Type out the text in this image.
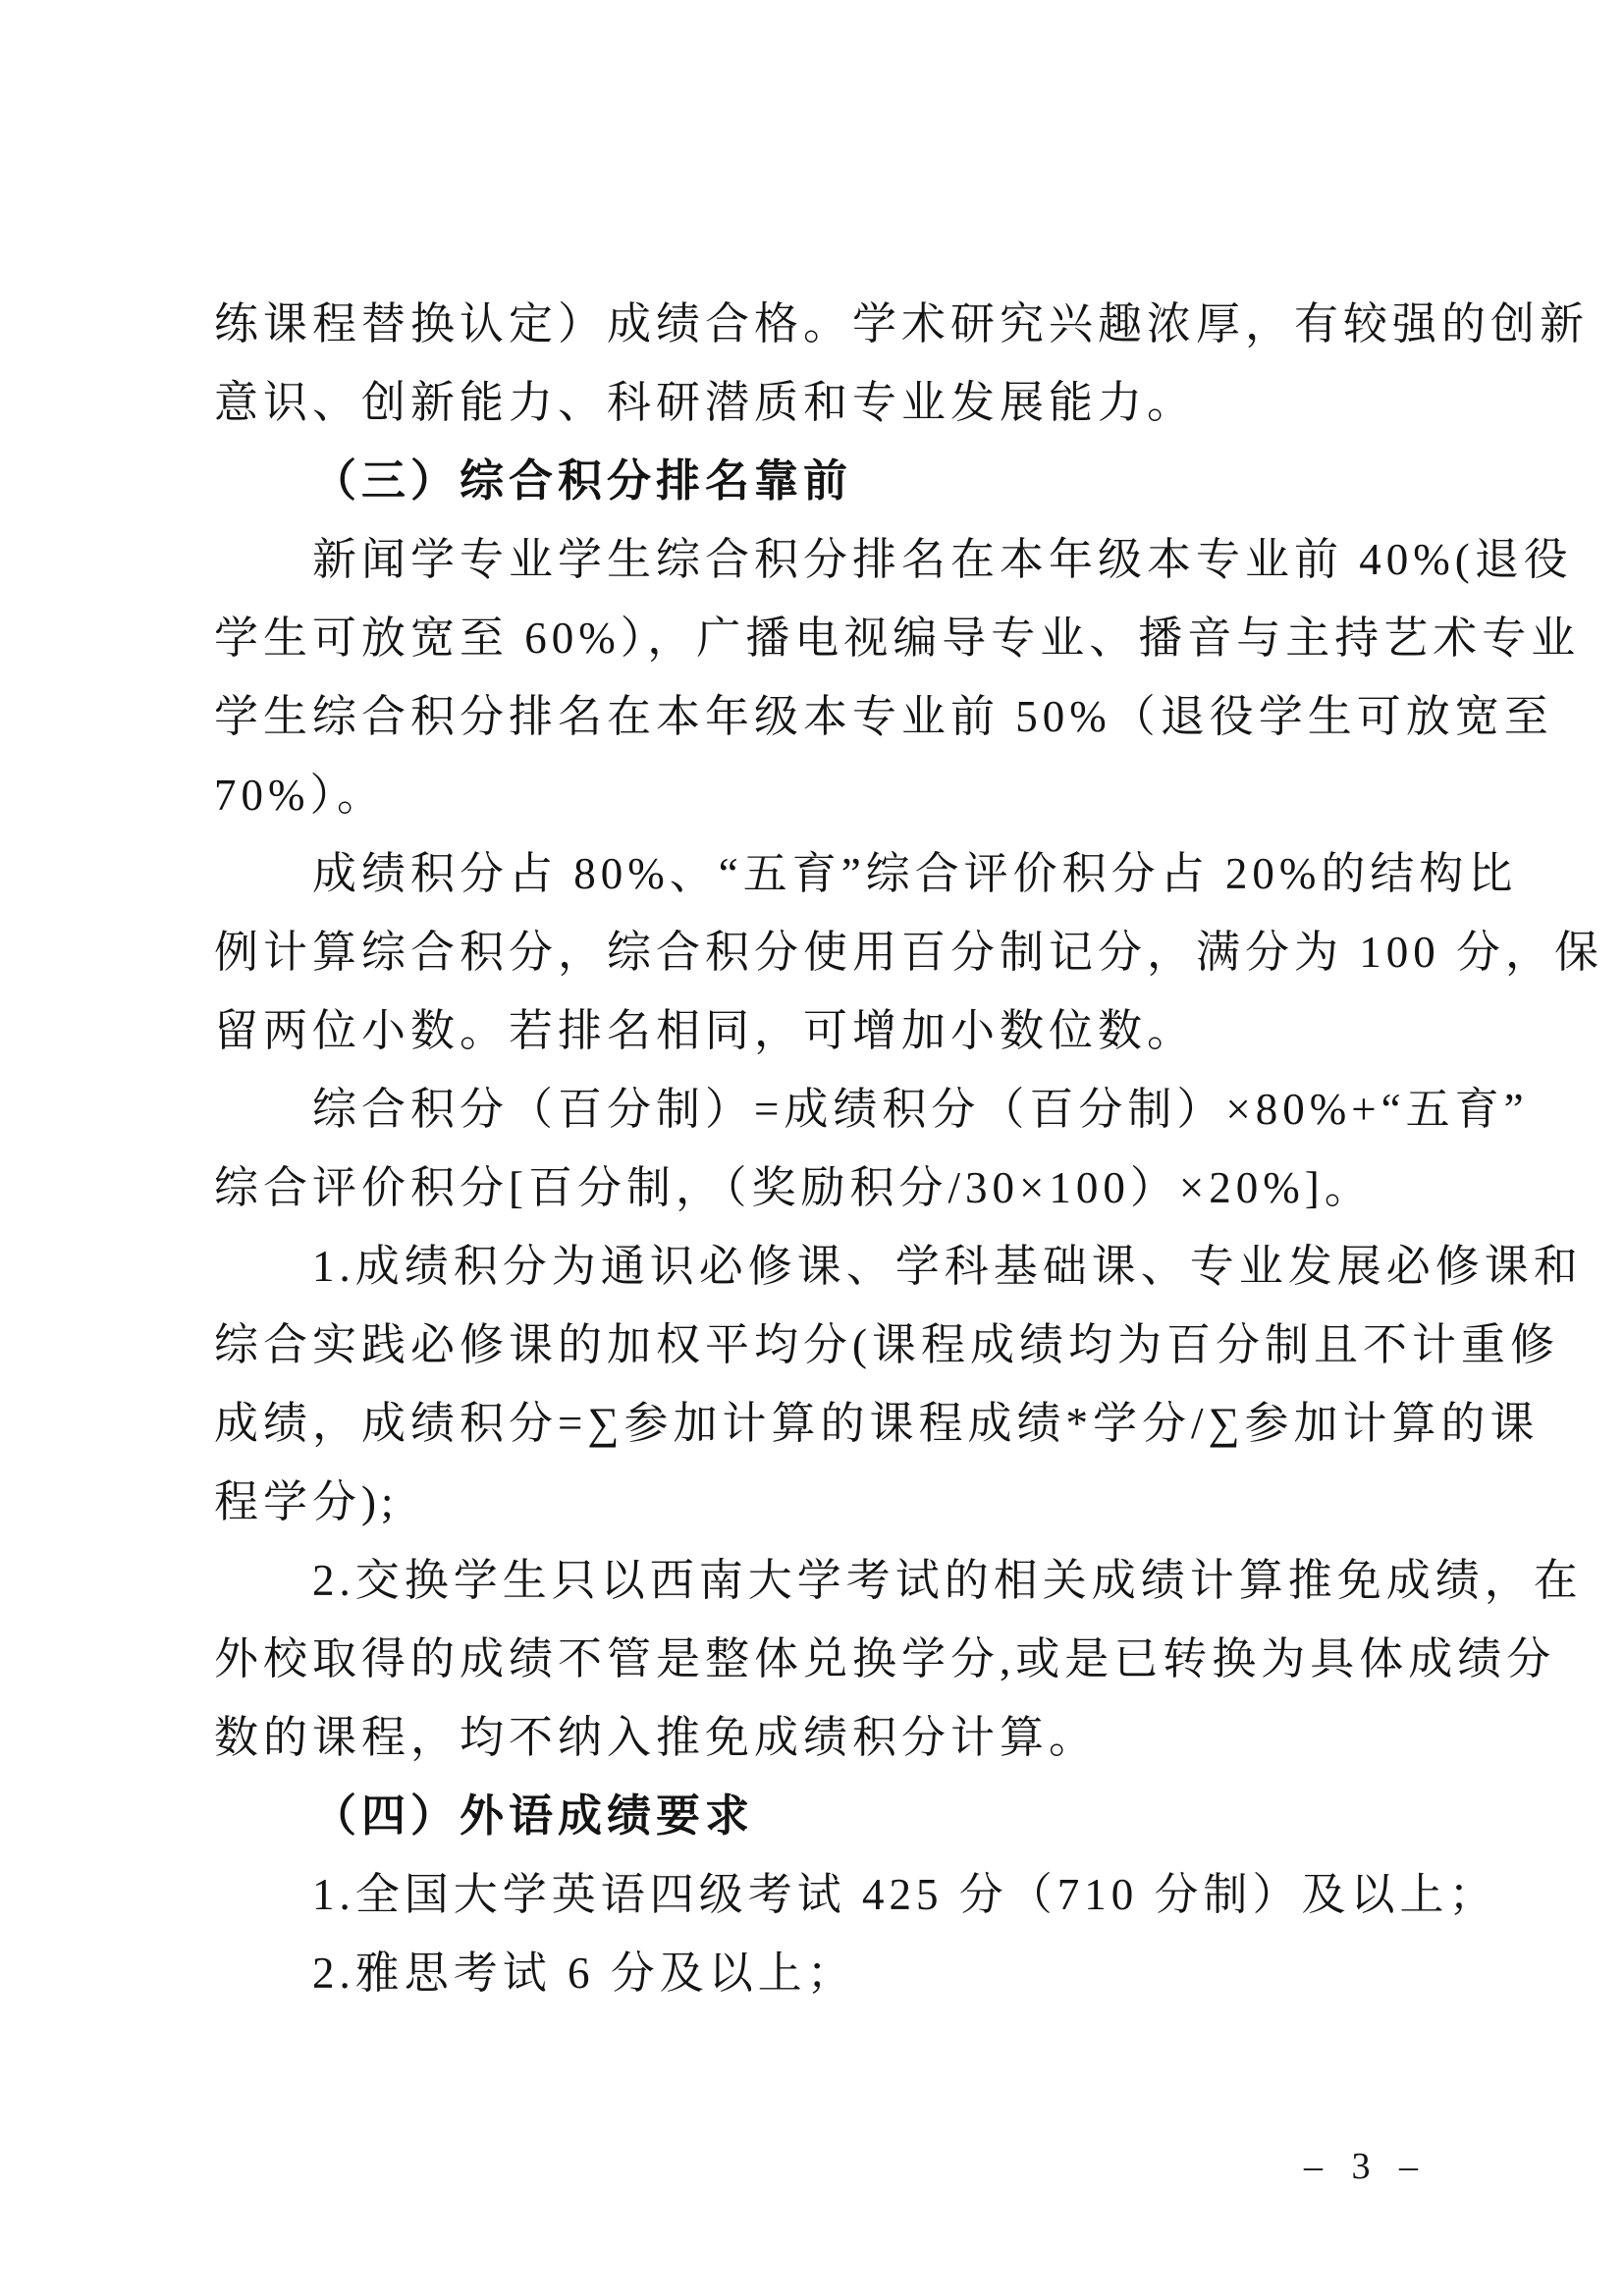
练课程替换认定）成绩合格。学术研究兴趣浓厚，有较强的创新
意识、创新能力、科研潜质和专业发展能力。
（三）综合积分排名靠前
新闻学专业学生综合积分排名在本年级本专业前 40%(退役
学生可放宽至 60%），广播电视编导专业、播音与主持艺术专业
学生综合积分排名在本年级本专业前 50%（退役学生可放宽至
70%）。
成绩积分占 80%、“五育”综合评价积分占 20%的结构比
例计算综合积分，综合积分使用百分制记分，满分为 100 分，保
留两位小数。若排名相同，可增加小数位数。
综合积分（百分制）=成绩积分（百分制）×80%+“五育”
综合评价积分[百分制，（奖励积分/30×100）×20%]。
1.成绩积分为通识必修课、学科基础课、专业发展必修课和
综合实践必修课的加权平均分(课程成绩均为百分制且不计重修
成绩，成绩积分=∑参加计算的课程成绩*学分/∑参加计算的课
程学分);
2.交换学生只以西南大学考试的相关成绩计算推免成绩，在
外校取得的成绩不管是整体兑换学分,或是已转换为具体成绩分
数的课程，均不纳入推免成绩积分计算。
（四）外语成绩要求
1.全国大学英语四级考试 425 分（710 分制）及以上；
2.雅思考试 6 分及以上；
– 3 –
